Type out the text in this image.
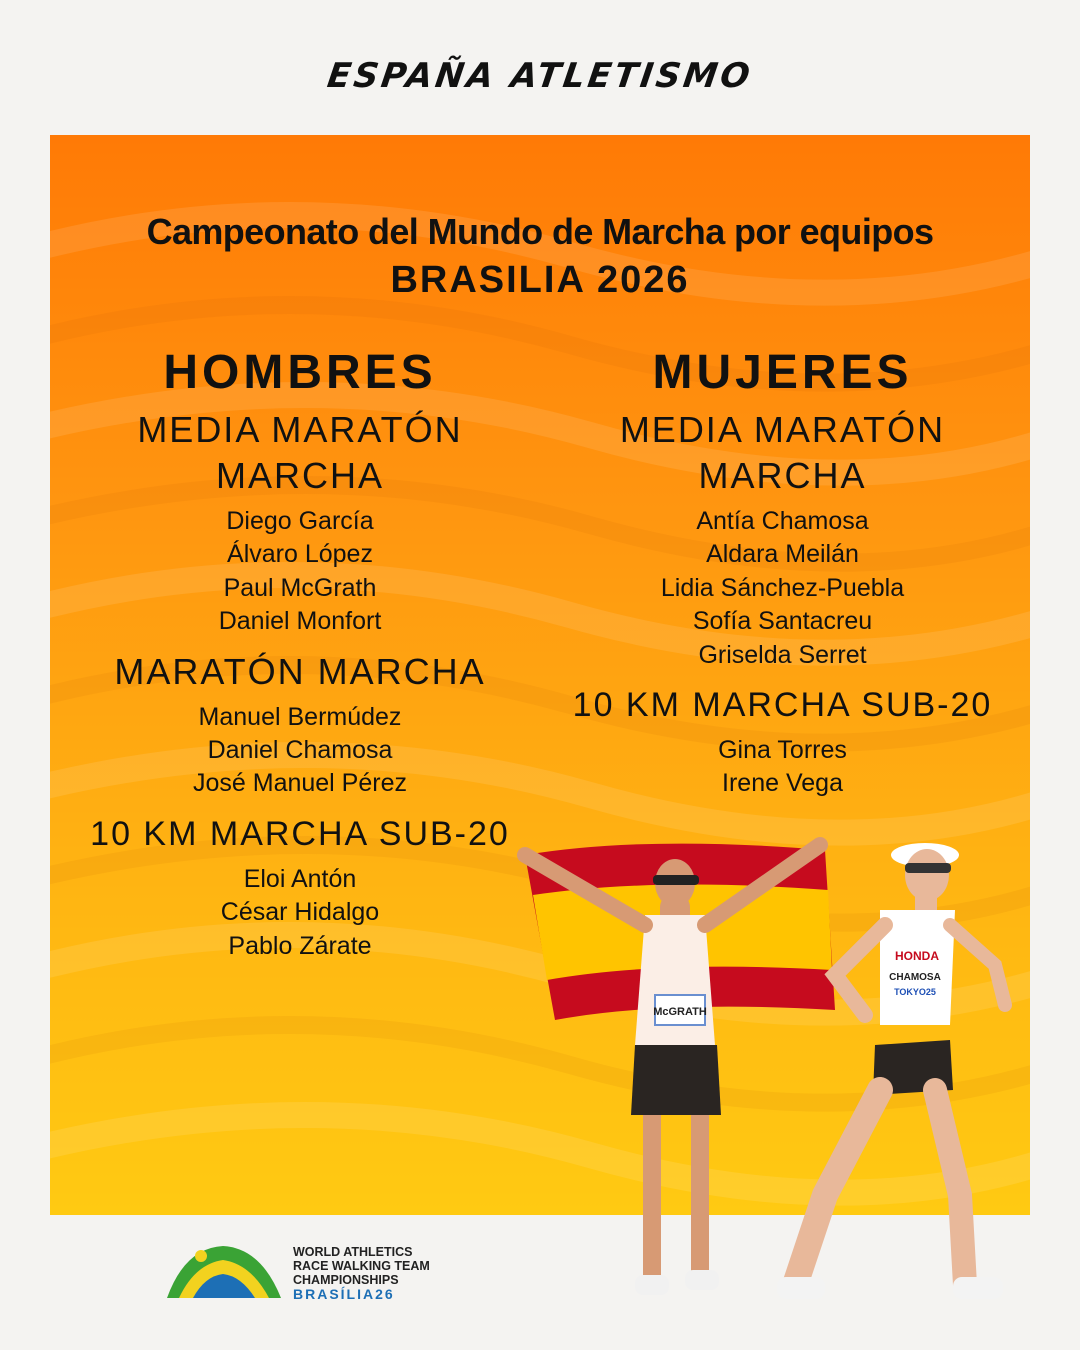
ESPAÑA ATLETISMO
Campeonato del Mundo de Marcha por equipos
BRASILIA 2026
HOMBRES
MEDIA MARATÓN
MARCHA
Diego García
Álvaro López
Paul McGrath
Daniel Monfort
MARATÓN MARCHA
Manuel Bermúdez
Daniel Chamosa
José Manuel Pérez
10 KM MARCHA SUB-20
Eloi Antón
César Hidalgo
Pablo Zárate
MUJERES
MEDIA MARATÓN
MARCHA
Antía Chamosa
Aldara Meilán
Lidia Sánchez-Puebla
Sofía Santacreu
Griselda Serret
10 KM MARCHA SUB-20
Gina Torres
Irene Vega
McGRATH
HONDA
CHAMOSA
TOKYO25
WORLD ATHLETICS
RACE WALKING TEAM
CHAMPIONSHIPS
BRASÍLIA26
